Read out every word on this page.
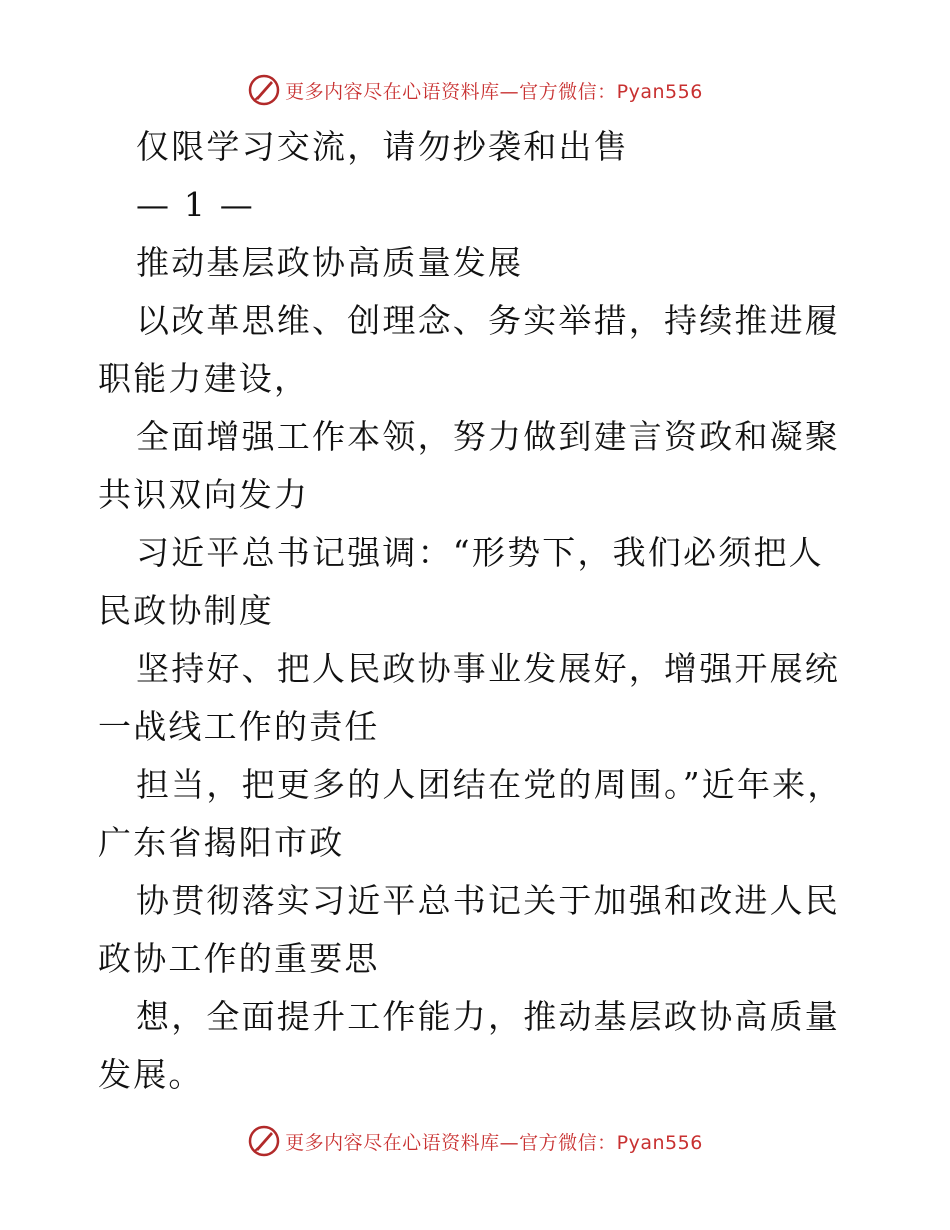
更多内容尽在心语资料库—官方微信：Pyan556

仅限学习交流，请勿抄袭和出售

— 1 —

推动基层政协高质量发展

以改革思维、创理念、务实举措，持续推进履职能力建设，

全面增强工作本领，努力做到建言资政和凝聚共识双向发力

习近平总书记强调：“形势下，我们必须把人民政协制度

坚持好、把人民政协事业发展好，增强开展统一战线工作的责任

担当，把更多的人团结在党的周围。”近年来，广东省揭阳市政

协贯彻落实习近平总书记关于加强和改进人民政协工作的重要思

想，全面提升工作能力，推动基层政协高质量发展。

更多内容尽在心语资料库—官方微信：Pyan556
